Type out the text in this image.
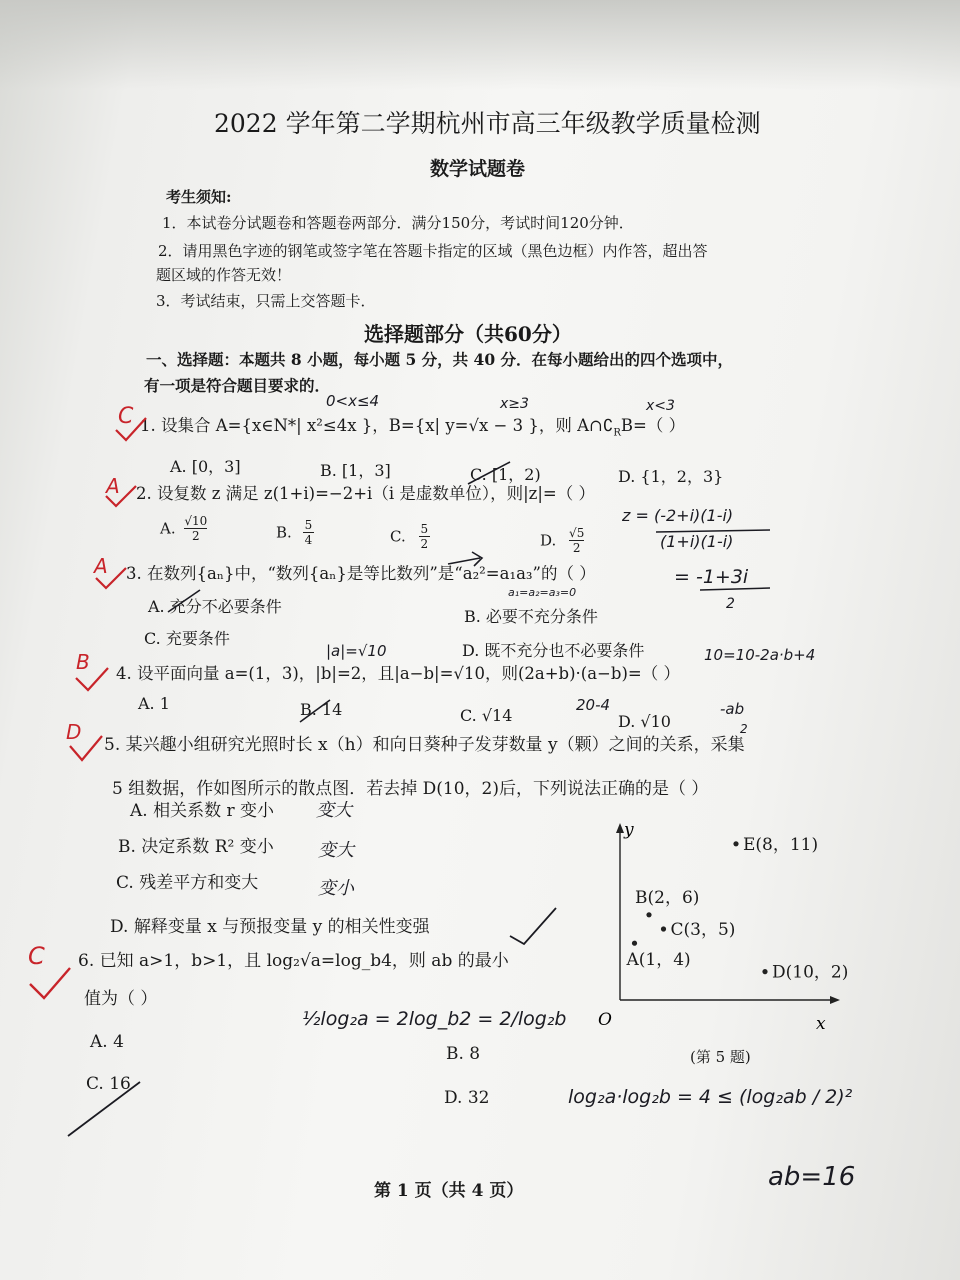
2022 学年第二学期杭州市高三年级教学质量检测
数学试题卷
考生须知:
1．本试卷分试题卷和答题卷两部分．满分150分，考试时间120分钟．
2．请用黑色字迹的钢笔或签字笔在答题卡指定的区域（黑色边框）内作答，超出答
题区域的作答无效！
3．考试结束，只需上交答题卡．
选择题部分（共60分）
一、选择题：本题共 8 小题，每小题 5 分，共 40 分．在每小题给出的四个选项中，
有一项是符合题目要求的．
1. 设集合 A={x∈N*| x²≤4x }，B={x| y=√x − 3 }，则 $A\cap∁_RB=$（ ）
A. [0，3]	B. [1，3]	C. [1，2)	D. {1，2，3}
2. 设复数 z 满足 z(1+i)=−2+i（i 是虚数单位），则|z|=（ ）
A. $\frac{√10}{2}$	B. $\frac{5}{4}$	C. $\frac{5}{2}$	D. $\frac{√5}{2}$
3. 在数列{aₙ}中，“数列{aₙ}是等比数列”是“a₂²=a₁a₃”的（ ）
A. 充分不必要条件
B. 必要不充分条件
C. 充要条件
D. 既不充分也不必要条件
4. 设平面向量 a=(1，3)，|b|=2，且|a−b|=√10，则(2a+b)·(a−b)=（ ）
A. 1	B. 14	C. √14	D. √10
5. 某兴趣小组研究光照时长 x（h）和向日葵种子发芽数量 y（颗）之间的关系，采集
5 组数据，作如图所示的散点图．若去掉 D(10，2)后，下列说法正确的是（ ）
A. 相关系数 r 变小
B. 决定系数 R² 变小
C. 残差平方和变大
D. 解释变量 x 与预报变量 y 的相关性变强
x
y
O
A(1，4)
B(2，6)
C(3，5)
D(10，2)
E(8，11)
(第 5 题)
6. 已知 a>1，b>1，且 log₂√a=log_b4，则 ab 的最小
值为（ ）
A. 4
B. 8
C. 16
D. 32
第 1 页（共 4 页）
C
A
A
B
D
C
0<x≤4	x≥3	x<3
z = (-2+i)(1-i)
(1+i)(1-i)
a₁=a₂=a₃=0
= -1+3i
2
|a|=√10	10=10-2a·b+4
20-4	-ab
2
变大
变大
变小
½log₂a = 2log_b2 = 2/log₂b
log₂a·log₂b = 4 ≤ (log₂ab / 2)²
ab=16
